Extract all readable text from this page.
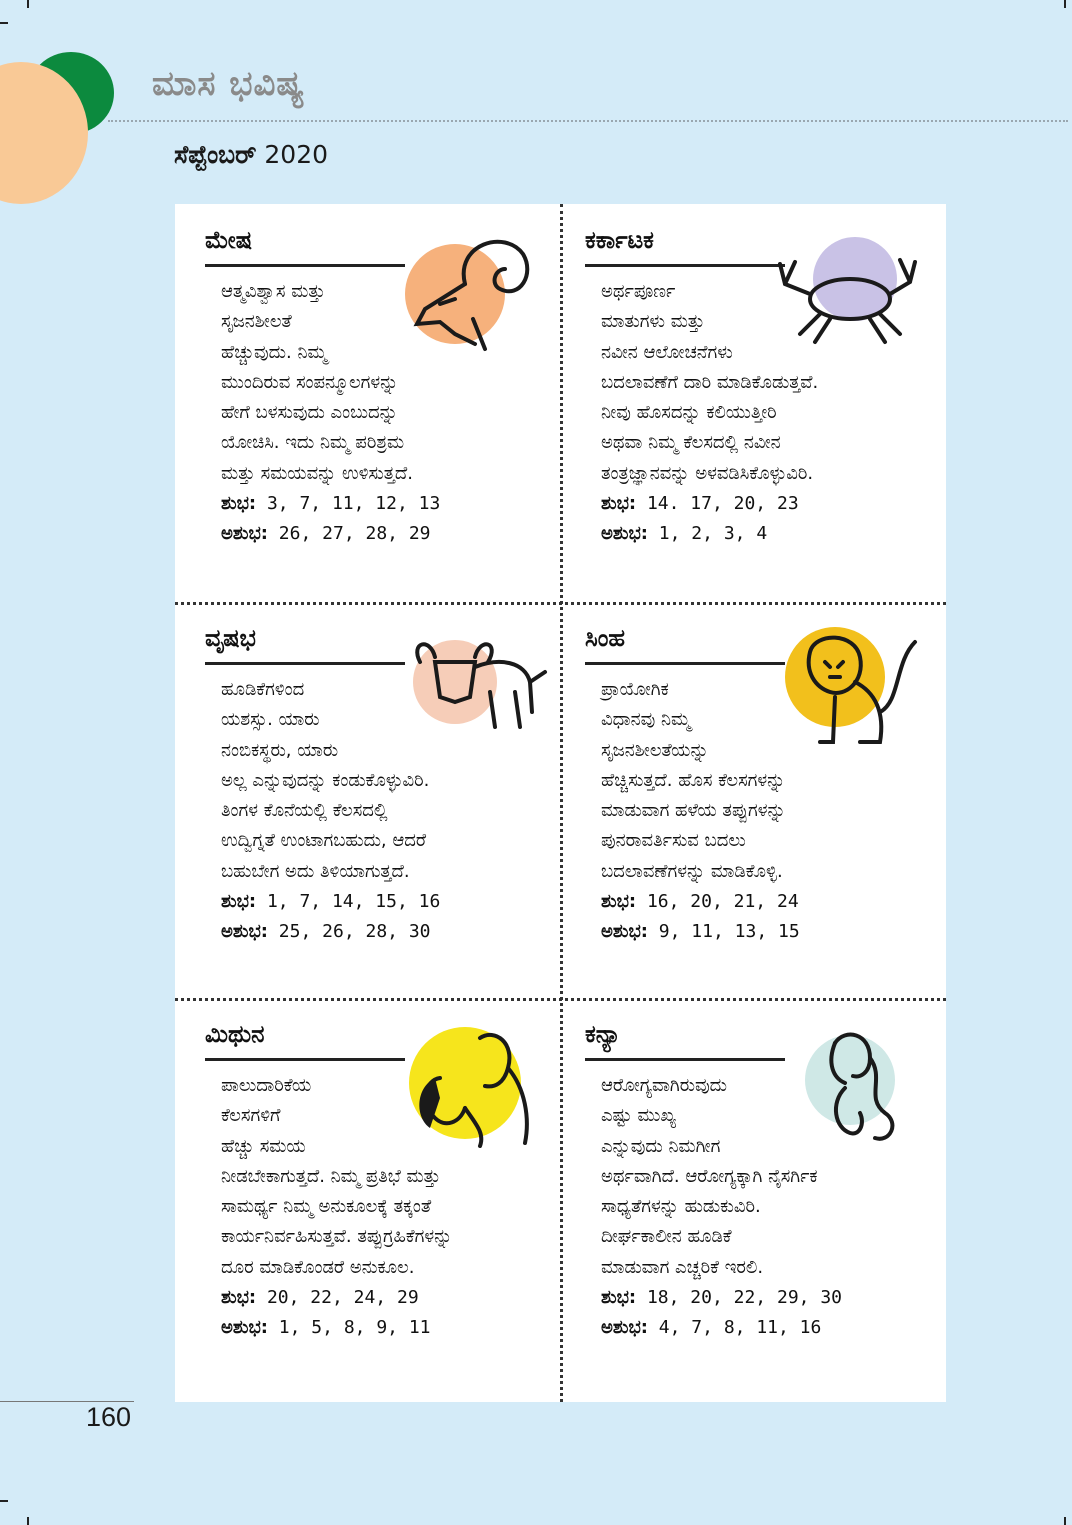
ಮಾಸ ಭವಿಷ್ಯ
ಸೆಪ್ಟೆಂಬರ್ 2020
ಮೇಷ
ಆತ್ಮವಿಶ್ವಾಸ ಮತ್ತು
ಸೃಜನಶೀಲತೆ
ಹೆಚ್ಚುವುದು. ನಿಮ್ಮ
ಮುಂದಿರುವ ಸಂಪನ್ಮೂಲಗಳನ್ನು
ಹೇಗೆ ಬಳಸುವುದು ಎಂಬುದನ್ನು
ಯೋಚಿಸಿ. ಇದು ನಿಮ್ಮ ಪರಿಶ್ರಮ
ಮತ್ತು ಸಮಯವನ್ನು ಉಳಿಸುತ್ತದೆ.
ಶುಭ: 3, 7, 11, 12, 13
ಅಶುಭ: 26, 27, 28, 29
ಕರ್ಕಾಟಕ
ಅರ್ಥಪೂರ್ಣ
ಮಾತುಗಳು ಮತ್ತು
ನವೀನ ಆಲೋಚನೆಗಳು
ಬದಲಾವಣೆಗೆ ದಾರಿ ಮಾಡಿಕೊಡುತ್ತವೆ.
ನೀವು ಹೊಸದನ್ನು ಕಲಿಯುತ್ತೀರಿ
ಅಥವಾ ನಿಮ್ಮ ಕೆಲಸದಲ್ಲಿ ನವೀನ
ತಂತ್ರಜ್ಞಾನವನ್ನು ಅಳವಡಿಸಿಕೊಳ್ಳುವಿರಿ.
ಶುಭ: 14. 17, 20, 23
ಅಶುಭ: 1, 2, 3, 4
ವೃಷಭ
ಹೂಡಿಕೆಗಳಿಂದ
ಯಶಸ್ಸು. ಯಾರು
ನಂಬಿಕಸ್ಥರು, ಯಾರು
ಅಲ್ಲ ಎನ್ನುವುದನ್ನು ಕಂಡುಕೊಳ್ಳುವಿರಿ.
ತಿಂಗಳ ಕೊನೆಯಲ್ಲಿ ಕೆಲಸದಲ್ಲಿ
ಉದ್ವಿಗ್ನತೆ ಉಂಟಾಗಬಹುದು, ಆದರೆ
ಬಹುಬೇಗ ಅದು ತಿಳಿಯಾಗುತ್ತದೆ.
ಶುಭ: 1, 7, 14, 15, 16
ಅಶುಭ: 25, 26, 28, 30
ಸಿಂಹ
ಪ್ರಾಯೋಗಿಕ
ವಿಧಾನವು ನಿಮ್ಮ
ಸೃಜನಶೀಲತೆಯನ್ನು
ಹೆಚ್ಚಿಸುತ್ತದೆ. ಹೊಸ ಕೆಲಸಗಳನ್ನು
ಮಾಡುವಾಗ ಹಳೆಯ ತಪ್ಪುಗಳನ್ನು
ಪುನರಾವರ್ತಿಸುವ ಬದಲು
ಬದಲಾವಣೆಗಳನ್ನು ಮಾಡಿಕೊಳ್ಳಿ.
ಶುಭ: 16, 20, 21, 24
ಅಶುಭ: 9, 11, 13, 15
ಮಿಥುನ
ಪಾಲುದಾರಿಕೆಯ
ಕೆಲಸಗಳಿಗೆ
ಹೆಚ್ಚು ಸಮಯ
ನೀಡಬೇಕಾಗುತ್ತದೆ. ನಿಮ್ಮ ಪ್ರತಿಭೆ ಮತ್ತು
ಸಾಮರ್ಥ್ಯ ನಿಮ್ಮ ಅನುಕೂಲಕ್ಕೆ ತಕ್ಕಂತೆ
ಕಾರ್ಯನಿರ್ವಹಿಸುತ್ತವೆ. ತಪ್ಪುಗ್ರಹಿಕೆಗಳನ್ನು
ದೂರ ಮಾಡಿಕೊಂಡರೆ ಅನುಕೂಲ.
ಶುಭ: 20, 22, 24, 29
ಅಶುಭ: 1, 5, 8, 9, 11
ಕನ್ಯಾ
ಆರೋಗ್ಯವಾಗಿರುವುದು
ಎಷ್ಟು ಮುಖ್ಯ
ಎನ್ನುವುದು ನಿಮಗೀಗ
ಅರ್ಥವಾಗಿದೆ. ಆರೋಗ್ಯಕ್ಕಾಗಿ ನೈಸರ್ಗಿಕ
ಸಾಧ್ಯತೆಗಳನ್ನು ಹುಡುಕುವಿರಿ.
ದೀರ್ಘಕಾಲೀನ ಹೂಡಿಕೆ
ಮಾಡುವಾಗ ಎಚ್ಚರಿಕೆ ಇರಲಿ.
ಶುಭ: 18, 20, 22, 29, 30
ಅಶುಭ: 4, 7, 8, 11, 16
160
